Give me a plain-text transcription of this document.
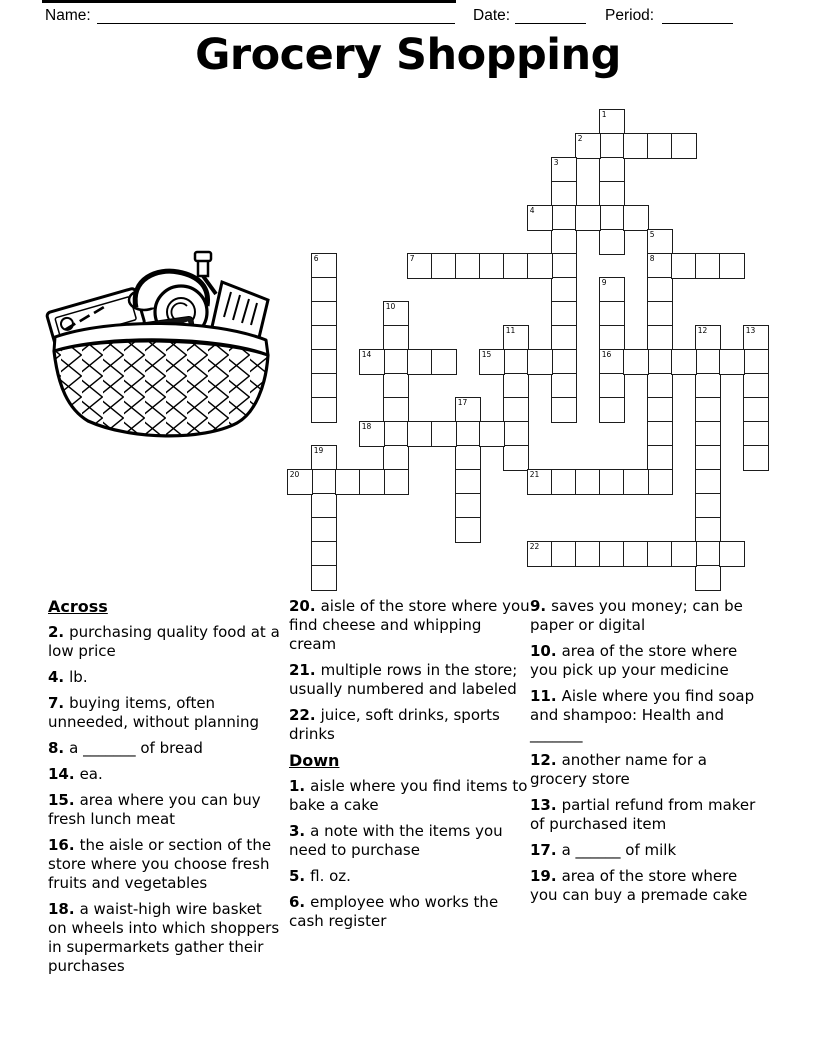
Name:	Date:	Period:
Grocery Shopping
1
2
3
4
5
8
6	7
9
16
10
11	12	13
14	15
17
18
19
20	21
22
Across
2. purchasing quality food at a low price
4. lb.
7. buying items, often unneeded, without planning
8. a _______ of bread
14. ea.
15. area where you can buy fresh lunch meat
16. the aisle or section of the store where you choose fresh fruits and vegetables
18. a waist-high wire basket on wheels into which shoppers in supermarkets gather their purchases
20. aisle of the store where you find cheese and whipping cream
21. multiple rows in the store; usually numbered and labeled
22. juice, soft drinks, sports drinks
Down
1. aisle where you find items to bake a cake
3. a note with the items you need to purchase
5. fl. oz.
6. employee who works the cash register
9. saves you money; can be paper or digital
10. area of the store where you pick up your medicine
11. Aisle where you find soap and shampoo: Health and _______
12. another name for a grocery store
13. partial refund from maker of purchased item
17. a ______ of milk
19. area of the store where you can buy a premade cake
